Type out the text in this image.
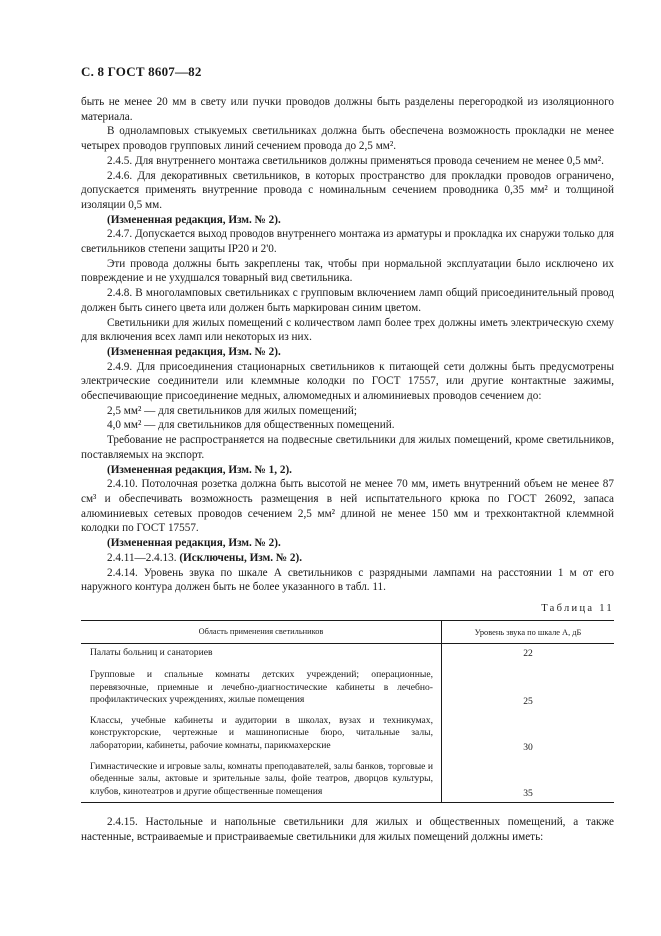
С. 8 ГОСТ 8607—82

быть не менее 20 мм в свету или пучки проводов должны быть разделены перегородкой из изоляционного материала.

В одноламповых стыкуемых светильниках должна быть обеспечена возможность прокладки не менее четырех проводов групповых линий сечением провода до 2,5 мм².

2.4.5. Для внутреннего монтажа светильников должны применяться провода сечением не менее 0,5 мм².

2.4.6. Для декоративных светильников, в которых пространство для прокладки проводов ограничено, допускается применять внутренние провода с номинальным сечением проводника 0,35 мм² и толщиной изоляции 0,5 мм.

(Измененная редакция, Изм. № 2).

2.4.7. Допускается выход проводов внутреннего монтажа из арматуры и прокладка их снаружи только для светильников степени защиты IP20 и 2'0.

Эти провода должны быть закреплены так, чтобы при нормальной эксплуатации было исключено их повреждение и не ухудшался товарный вид светильника.

2.4.8. В многоламповых светильниках с групповым включением ламп общий присоединительный провод должен быть синего цвета или должен быть маркирован синим цветом.

Светильники для жилых помещений с количеством ламп более трех должны иметь электрическую схему для включения всех ламп или некоторых из них.

(Измененная редакция, Изм. № 2).

2.4.9. Для присоединения стационарных светильников к питающей сети должны быть предусмотрены электрические соединители или клеммные колодки по ГОСТ 17557, или другие контактные зажимы, обеспечивающие присоединение медных, алюмомедных и алюминиевых проводов сечением до:

2,5 мм² — для светильников для жилых помещений;

4,0 мм² — для светильников для общественных помещений.

Требование не распространяется на подвесные светильники для жилых помещений, кроме светильников, поставляемых на экспорт.

(Измененная редакция, Изм. № 1, 2).

2.4.10. Потолочная розетка должна быть высотой не менее 70 мм, иметь внутренний объем не менее 87 см³ и обеспечивать возможность размещения в ней испытательного крюка по ГОСТ 26092, запаса алюминиевых сетевых проводов сечением 2,5 мм² длиной не менее 150 мм и трехконтактной клеммной колодки по ГОСТ 17557.

(Измененная редакция, Изм. № 2).

2.4.11—2.4.13. (Исключены, Изм. № 2).

2.4.14. Уровень звука по шкале А светильников с разрядными лампами на расстоянии 1 м от его наружного контура должен быть не более указанного в табл. 11.

Таблица 11
Область применения светильников	Уровень звука по шкале А, дБ
Палаты больниц и санаториев	22
Групповые и спальные комнаты детских учреждений; операционные, перевязочные, приемные и лечебно-диагностические кабинеты в лечебно-профилактических учреждениях, жилые помещения	25
Классы, учебные кабинеты и аудитории в школах, вузах и техникумах, конструкторские, чертежные и машинописные бюро, читальные залы, лаборатории, кабинеты, рабочие комнаты, парикмахерские	30
Гимнастические и игровые залы, комнаты преподавателей, залы банков, торговые и обеденные залы, актовые и зрительные залы, фойе театров, дворцов культуры, клубов, кинотеатров и другие общественные помещения	35

2.4.15. Настольные и напольные светильники для жилых и общественных помещений, а также настенные, встраиваемые и пристраиваемые светильники для жилых помещений должны иметь:
